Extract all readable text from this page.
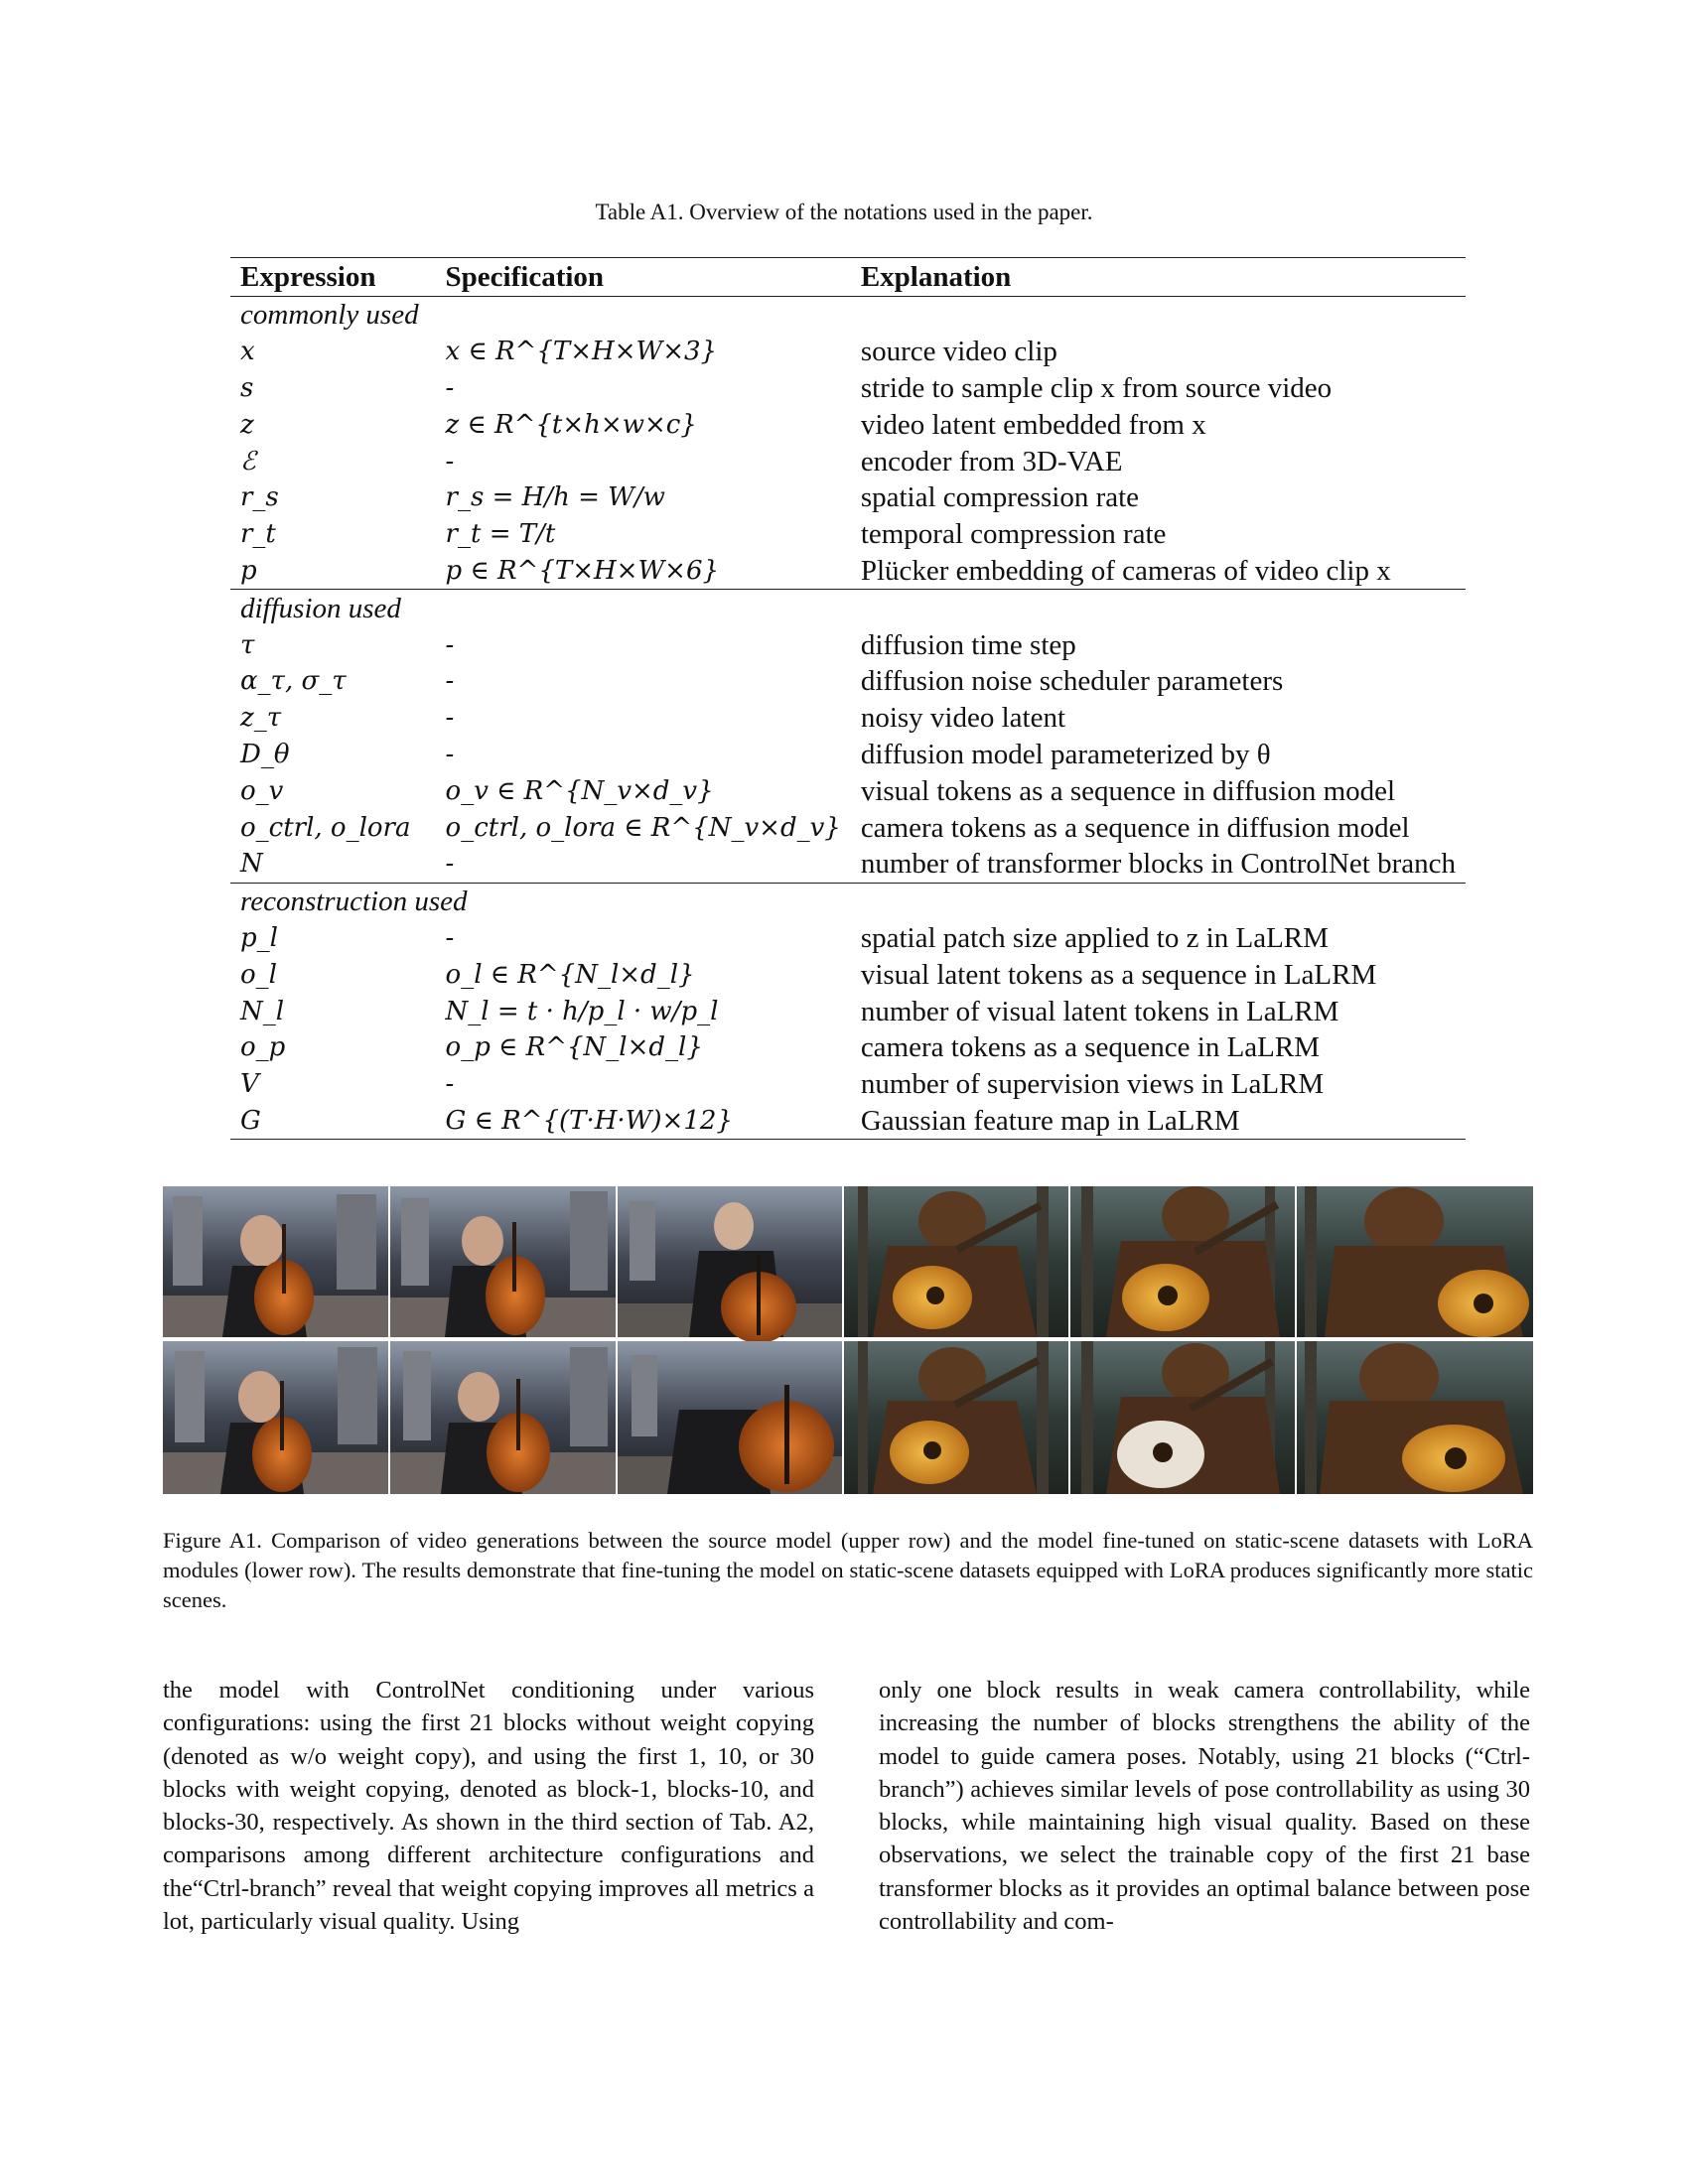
Table A1. Overview of the notations used in the paper.
Expression	Specification	Explanation
commonly used		
x	x ∈ R^{T×H×W×3}	source video clip
s	-	stride to sample clip x from source video
z	z ∈ R^{t×h×w×c}	video latent embedded from x
ℰ	-	encoder from 3D-VAE
r_s	r_s = H/h = W/w	spatial compression rate
r_t	r_t = T/t	temporal compression rate
p	p ∈ R^{T×H×W×6}	Plücker embedding of cameras of video clip x
diffusion used		
τ	-	diffusion time step
α_τ, σ_τ	-	diffusion noise scheduler parameters
z_τ	-	noisy video latent
D_θ	-	diffusion model parameterized by θ
o_v	o_v ∈ R^{N_v×d_v}	visual tokens as a sequence in diffusion model
o_ctrl, o_lora	o_ctrl, o_lora ∈ R^{N_v×d_v}	camera tokens as a sequence in diffusion model
N	-	number of transformer blocks in ControlNet branch
reconstruction used		
p_l	-	spatial patch size applied to z in LaLRM
o_l	o_l ∈ R^{N_l×d_l}	visual latent tokens as a sequence in LaLRM
N_l	N_l = t · h/p_l · w/p_l	number of visual latent tokens in LaLRM
o_p	o_p ∈ R^{N_l×d_l}	camera tokens as a sequence in LaLRM
V	-	number of supervision views in LaLRM
G	G ∈ R^{(T·H·W)×12}	Gaussian feature map in LaLRM
Figure A1. Comparison of video generations between the source model (upper row) and the model fine-tuned on static-scene datasets with LoRA modules (lower row). The results demonstrate that fine-tuning the model on static-scene datasets equipped with LoRA produces significantly more static scenes.

the model with ControlNet conditioning under various configurations: using the first 21 blocks without weight copying (denoted as w/o weight copy), and using the first 1, 10, or 30 blocks with weight copying, denoted as block-1, blocks-10, and blocks-30, respectively. As shown in the third section of Tab. A2, comparisons among different architecture configurations and the“Ctrl-branch” reveal that weight copying improves all metrics a lot, particularly visual quality. Using

only one block results in weak camera controllability, while increasing the number of blocks strengthens the ability of the model to guide camera poses. Notably, using 21 blocks (“Ctrl-branch”) achieves similar levels of pose controllability as using 30 blocks, while maintaining high visual quality. Based on these observations, we select the trainable copy of the first 21 base transformer blocks as it provides an optimal balance between pose controllability and com-
